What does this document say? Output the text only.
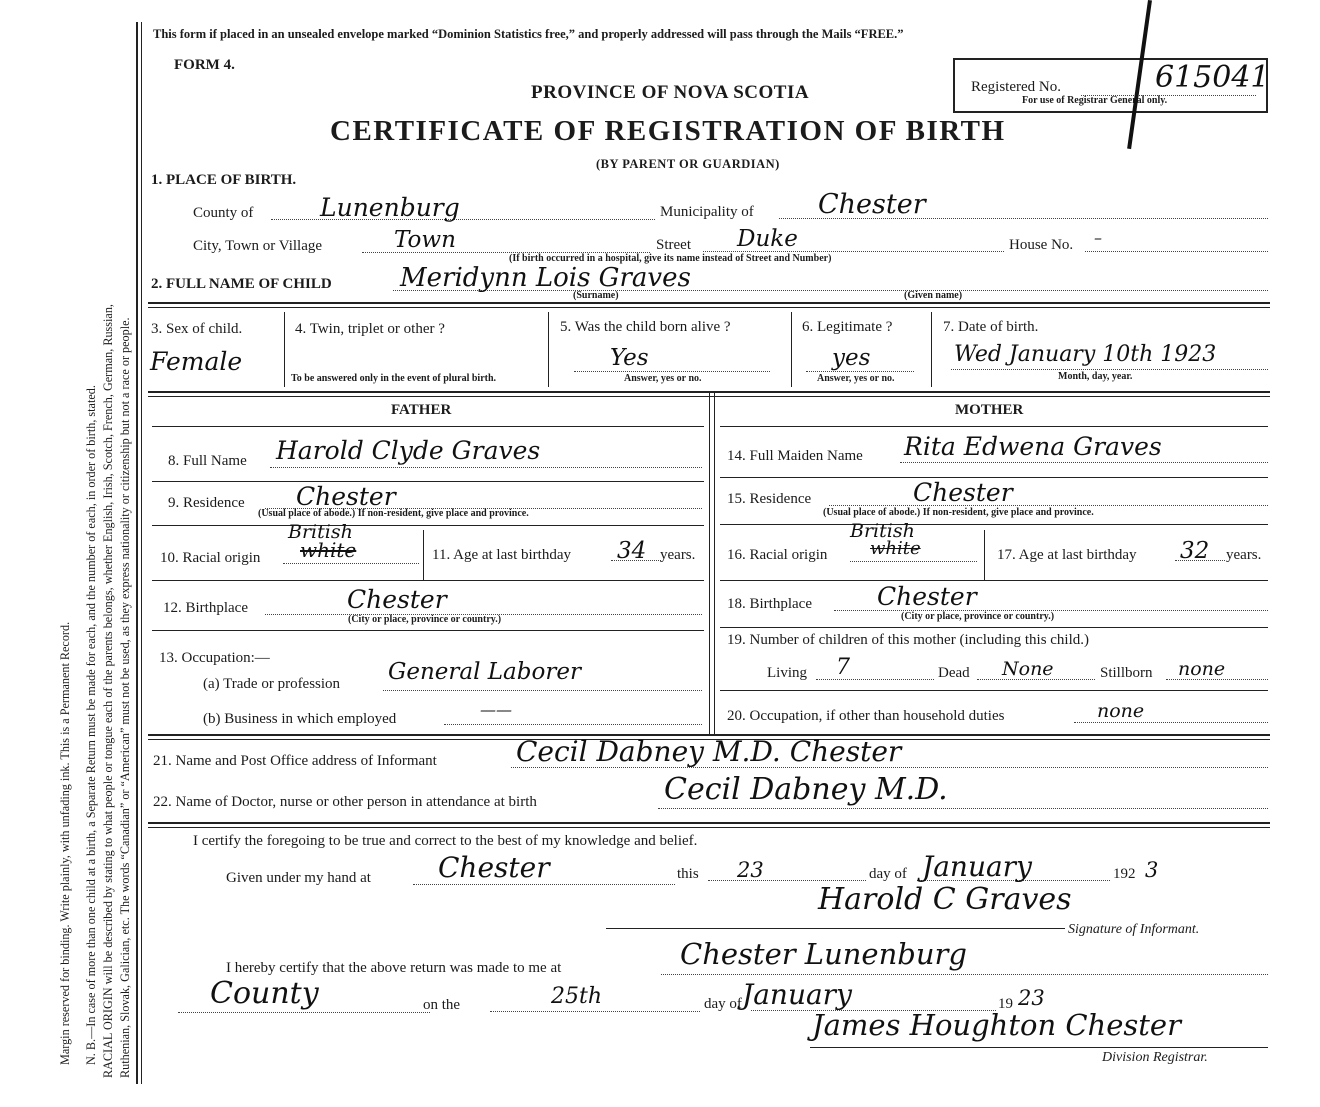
Margin reserved for binding. Write plainly, with unfading ink. This is a Permanent Record. N. B.—In case of more than one child at a birth, a Separate Return must be made for each, and the number of each, in order of birth, stated. RACIAL ORIGIN will be described by stating to what people or tongue each of the parents belongs, whether English, Irish, Scotch, French, German, Russian, Ruthenian, Slovak, Galician, etc. The words “Canadian” or “American” must not be used, as they express nationality or citizenship but not a race or people.
This form if placed in an unsealed envelope marked “Dominion Statistics free,” and properly addressed will pass through the Mails “FREE.”
FORM 4.
PROVINCE OF NOVA SCOTIA
CERTIFICATE OF REGISTRATION OF BIRTH
(BY PARENT OR GUARDIAN)
Registered No.	615041
For use of Registrar General only.
1. PLACE OF BIRTH.
County of	Lunenburg	Municipality of Chester
City, Town or Village	Town	Street Duke	House No. –
(If birth occurred in a hospital, give its name instead of Street and Number)
2. FULL NAME OF CHILD	Meridynn Lois Graves
(Surname)	(Given name)
3. Sex of child.
Female
4. Twin, triplet or other ?
To be answered only in the event of plural birth.
5. Was the child born alive ?
Yes
Answer, yes or no.
6. Legitimate ?
yes
Answer, yes or no.
7. Date of birth.
Wed January 10th 1923
Month, day, year.
FATHER	MOTHER
8. Full Name Harold Clyde Graves
9. Residence Chester
(Usual place of abode.) If non-resident, give place and province.
10. Racial origin
British
white	11. Age at last birthday 34 years.
12. Birthplace	Chester
(City or place, province or country.)
13. Occupation:—
(a) Trade or profession General Laborer
(b) Business in which employed	——
14. Full Maiden Name Rita Edwena Graves
15. Residence	Chester
(Usual place of abode.) If non-resident, give place and province.
16. Racial origin
British
white	17. Age at last birthday 32 years.
18. Birthplace	Chester
(City or place, province or country.)
19. Number of children of this mother (including this child.)
Living 7	Dead None	Stillborn none
20. Occupation, if other than household duties	none
21. Name and Post Office address of Informant	Cecil Dabney M.D. Chester
22. Name of Doctor, nurse or other person in attendance at birth	Cecil Dabney M.D.
I certify the foregoing to be true and correct to the best of my knowledge and belief.
Given under my hand at Chester	this 23	day of January	192 3
Harold C Graves
Signature of Informant.
I hereby certify that the above return was made to me at	Chester Lunenburg
County	on the	25th	day of January	19 23
James Houghton Chester
Division Registrar.
